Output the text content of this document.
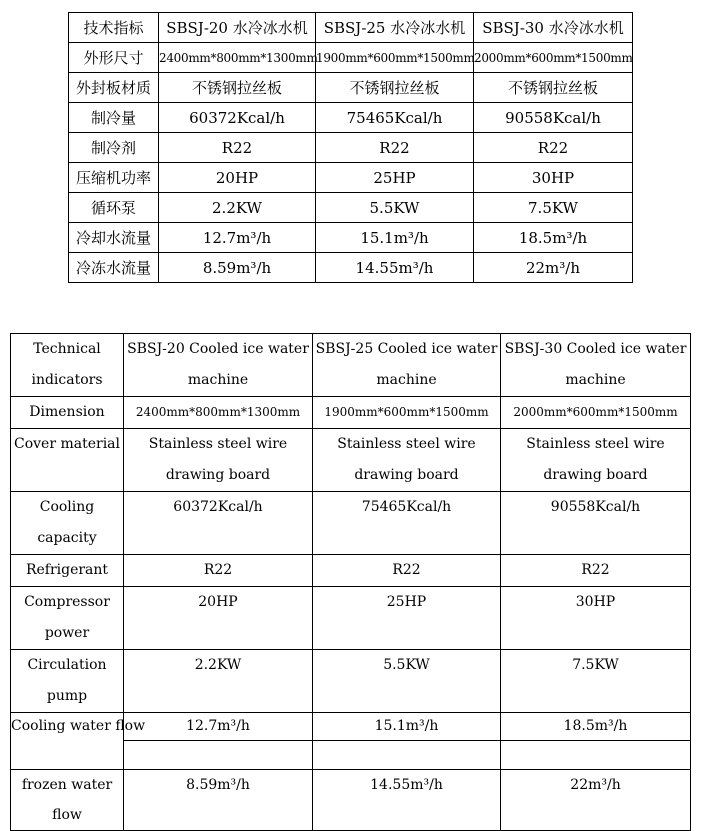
技术指标	SBSJ-20 水冷冰水机	SBSJ-25 水冷冰水机	SBSJ-30 水冷冰水机
外形尺寸	2400mm*800mm*1300mm	1900mm*600mm*1500mm	2000mm*600mm*1500mm
外封板材质	不锈钢拉丝板	不锈钢拉丝板	不锈钢拉丝板
制冷量	60372Kcal/h	75465Kcal/h	90558Kcal/h
制冷剂	R22	R22	R22
压缩机功率	20HP	25HP	30HP
循环泵	2.2KW	5.5KW	7.5KW
冷却水流量	12.7m³/h	15.1m³/h	18.5m³/h
冷冻水流量	8.59m³/h	14.55m³/h	22m³/h
Technical indicators	SBSJ-20 Cooled ice water machine	SBSJ-25 Cooled ice water machine	SBSJ-30 Cooled ice water machine
Dimension	2400mm*800mm*1300mm	1900mm*600mm*1500mm	2000mm*600mm*1500mm
Cover material	Stainless steel wire drawing board	Stainless steel wire drawing board	Stainless steel wire drawing board
Cooling capacity	60372Kcal/h	75465Kcal/h	90558Kcal/h
Refrigerant	R22	R22	R22
Compressor power	20HP	25HP	30HP
Circulation pump	2.2KW	5.5KW	7.5KW

Cooling water flow	12.7m³/h	15.1m³/h	18.5m³/h

frozen water flow	8.59m³/h	14.55m³/h	22m³/h
